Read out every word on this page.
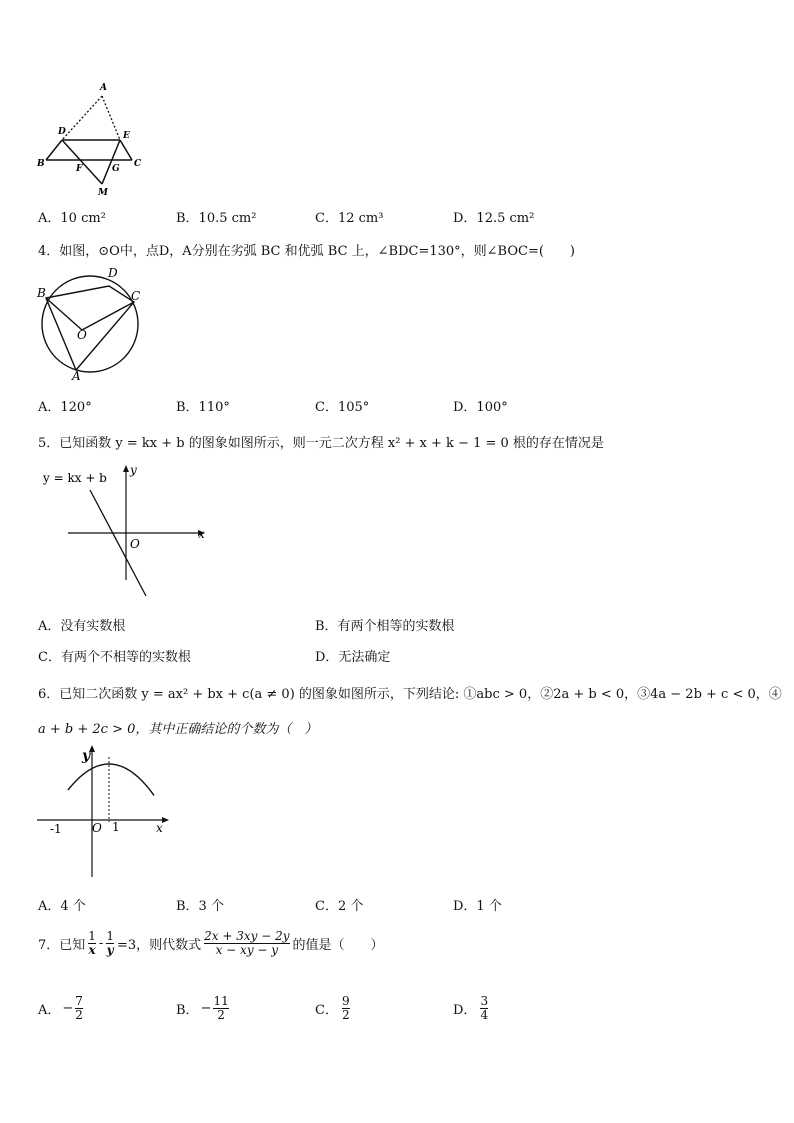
A
D	E
B	F	G C
M
A．10 cm²	B．10.5 cm²	C．12 cm³	D．12.5 cm²
4．如图，⊙O中，点D，A分别在劣弧 BC 和优弧 BC 上，∠BDC=130°，则∠BOC=(　　)
B
D
C
O
A
A．120°	B．110°	C．105°	D．100°
5．已知函数 y = kx + b 的图象如图所示，则一元二次方程 x² + x + k − 1 = 0 根的存在情况是
y = kx + b
y
x
O
A．没有实数根	B．有两个相等的实数根
C．有两个不相等的实数根	D．无法确定
6．已知二次函数 y = ax² + bx + c(a ≠ 0) 的图象如图所示，下列结论: ①abc > 0，②2a + b < 0，③4a − 2b + c < 0，④
a + b + 2c > 0，其中正确结论的个数为（　）
y
x
O
-1	1
A．4 个	B．3 个	C．2 个	D．1 个
7．已知 $\frac{1}{x} - \frac{1}{y} =3$，则代数式 $\frac{2x + 3xy - 2y}{x - xy - y}$ 的值是（　　）
A． − $\frac{7}{2}$	B． − $\frac{11}{2}$	C． $\frac{9}{2}$	D． $\frac{3}{4}$
